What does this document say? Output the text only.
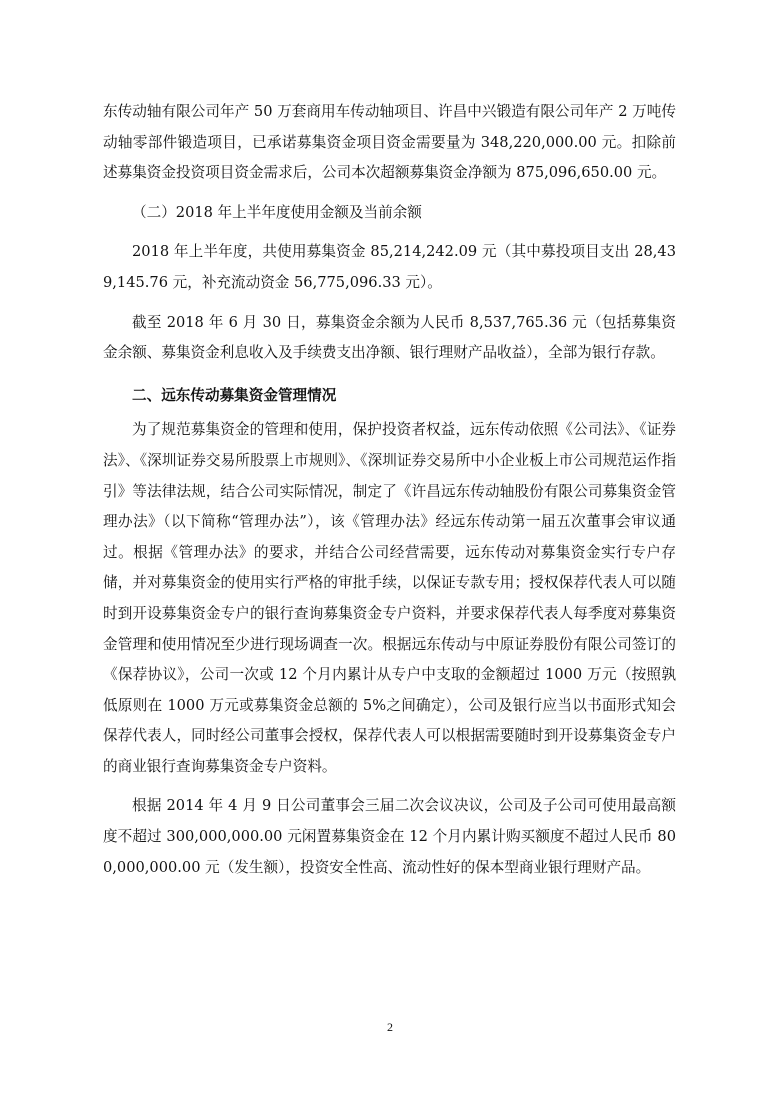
东传动轴有限公司年产 50 万套商用车传动轴项目、许昌中兴锻造有限公司年产 2 万吨传动轴零部件锻造项目，已承诺募集资金项目资金需要量为 348,220,000.00 元。扣除前述募集资金投资项目资金需求后，公司本次超额募集资金净额为 875,096,650.00 元。

（二）2018 年上半年度使用金额及当前余额

2018 年上半年度，共使用募集资金 85,214,242.09 元（其中募投项目支出 28,439,145.76 元，补充流动资金 56,775,096.33 元）。

截至 2018 年 6 月 30 日，募集资金余额为人民币 8,537,765.36 元（包括募集资金余额、募集资金利息收入及手续费支出净额、银行理财产品收益），全部为银行存款。

二、远东传动募集资金管理情况

为了规范募集资金的管理和使用，保护投资者权益，远东传动依照《公司法》、《证券法》、《深圳证券交易所股票上市规则》、《深圳证券交易所中小企业板上市公司规范运作指引》等法律法规，结合公司实际情况，制定了《许昌远东传动轴股份有限公司募集资金管理办法》（以下简称“管理办法”），该《管理办法》经远东传动第一届五次董事会审议通过。根据《管理办法》的要求，并结合公司经营需要，远东传动对募集资金实行专户存储，并对募集资金的使用实行严格的审批手续，以保证专款专用；授权保荐代表人可以随时到开设募集资金专户的银行查询募集资金专户资料，并要求保荐代表人每季度对募集资金管理和使用情况至少进行现场调查一次。根据远东传动与中原证券股份有限公司签订的《保荐协议》，公司一次或 12 个月内累计从专户中支取的金额超过 1000 万元（按照孰低原则在 1000 万元或募集资金总额的 5%之间确定），公司及银行应当以书面形式知会保荐代表人，同时经公司董事会授权，保荐代表人可以根据需要随时到开设募集资金专户的商业银行查询募集资金专户资料。

根据 2014 年 4 月 9 日公司董事会三届二次会议决议，公司及子公司可使用最高额度不超过 300,000,000.00 元闲置募集资金在 12 个月内累计购买额度不超过人民币 800,000,000.00 元（发生额），投资安全性高、流动性好的保本型商业银行理财产品。

2
